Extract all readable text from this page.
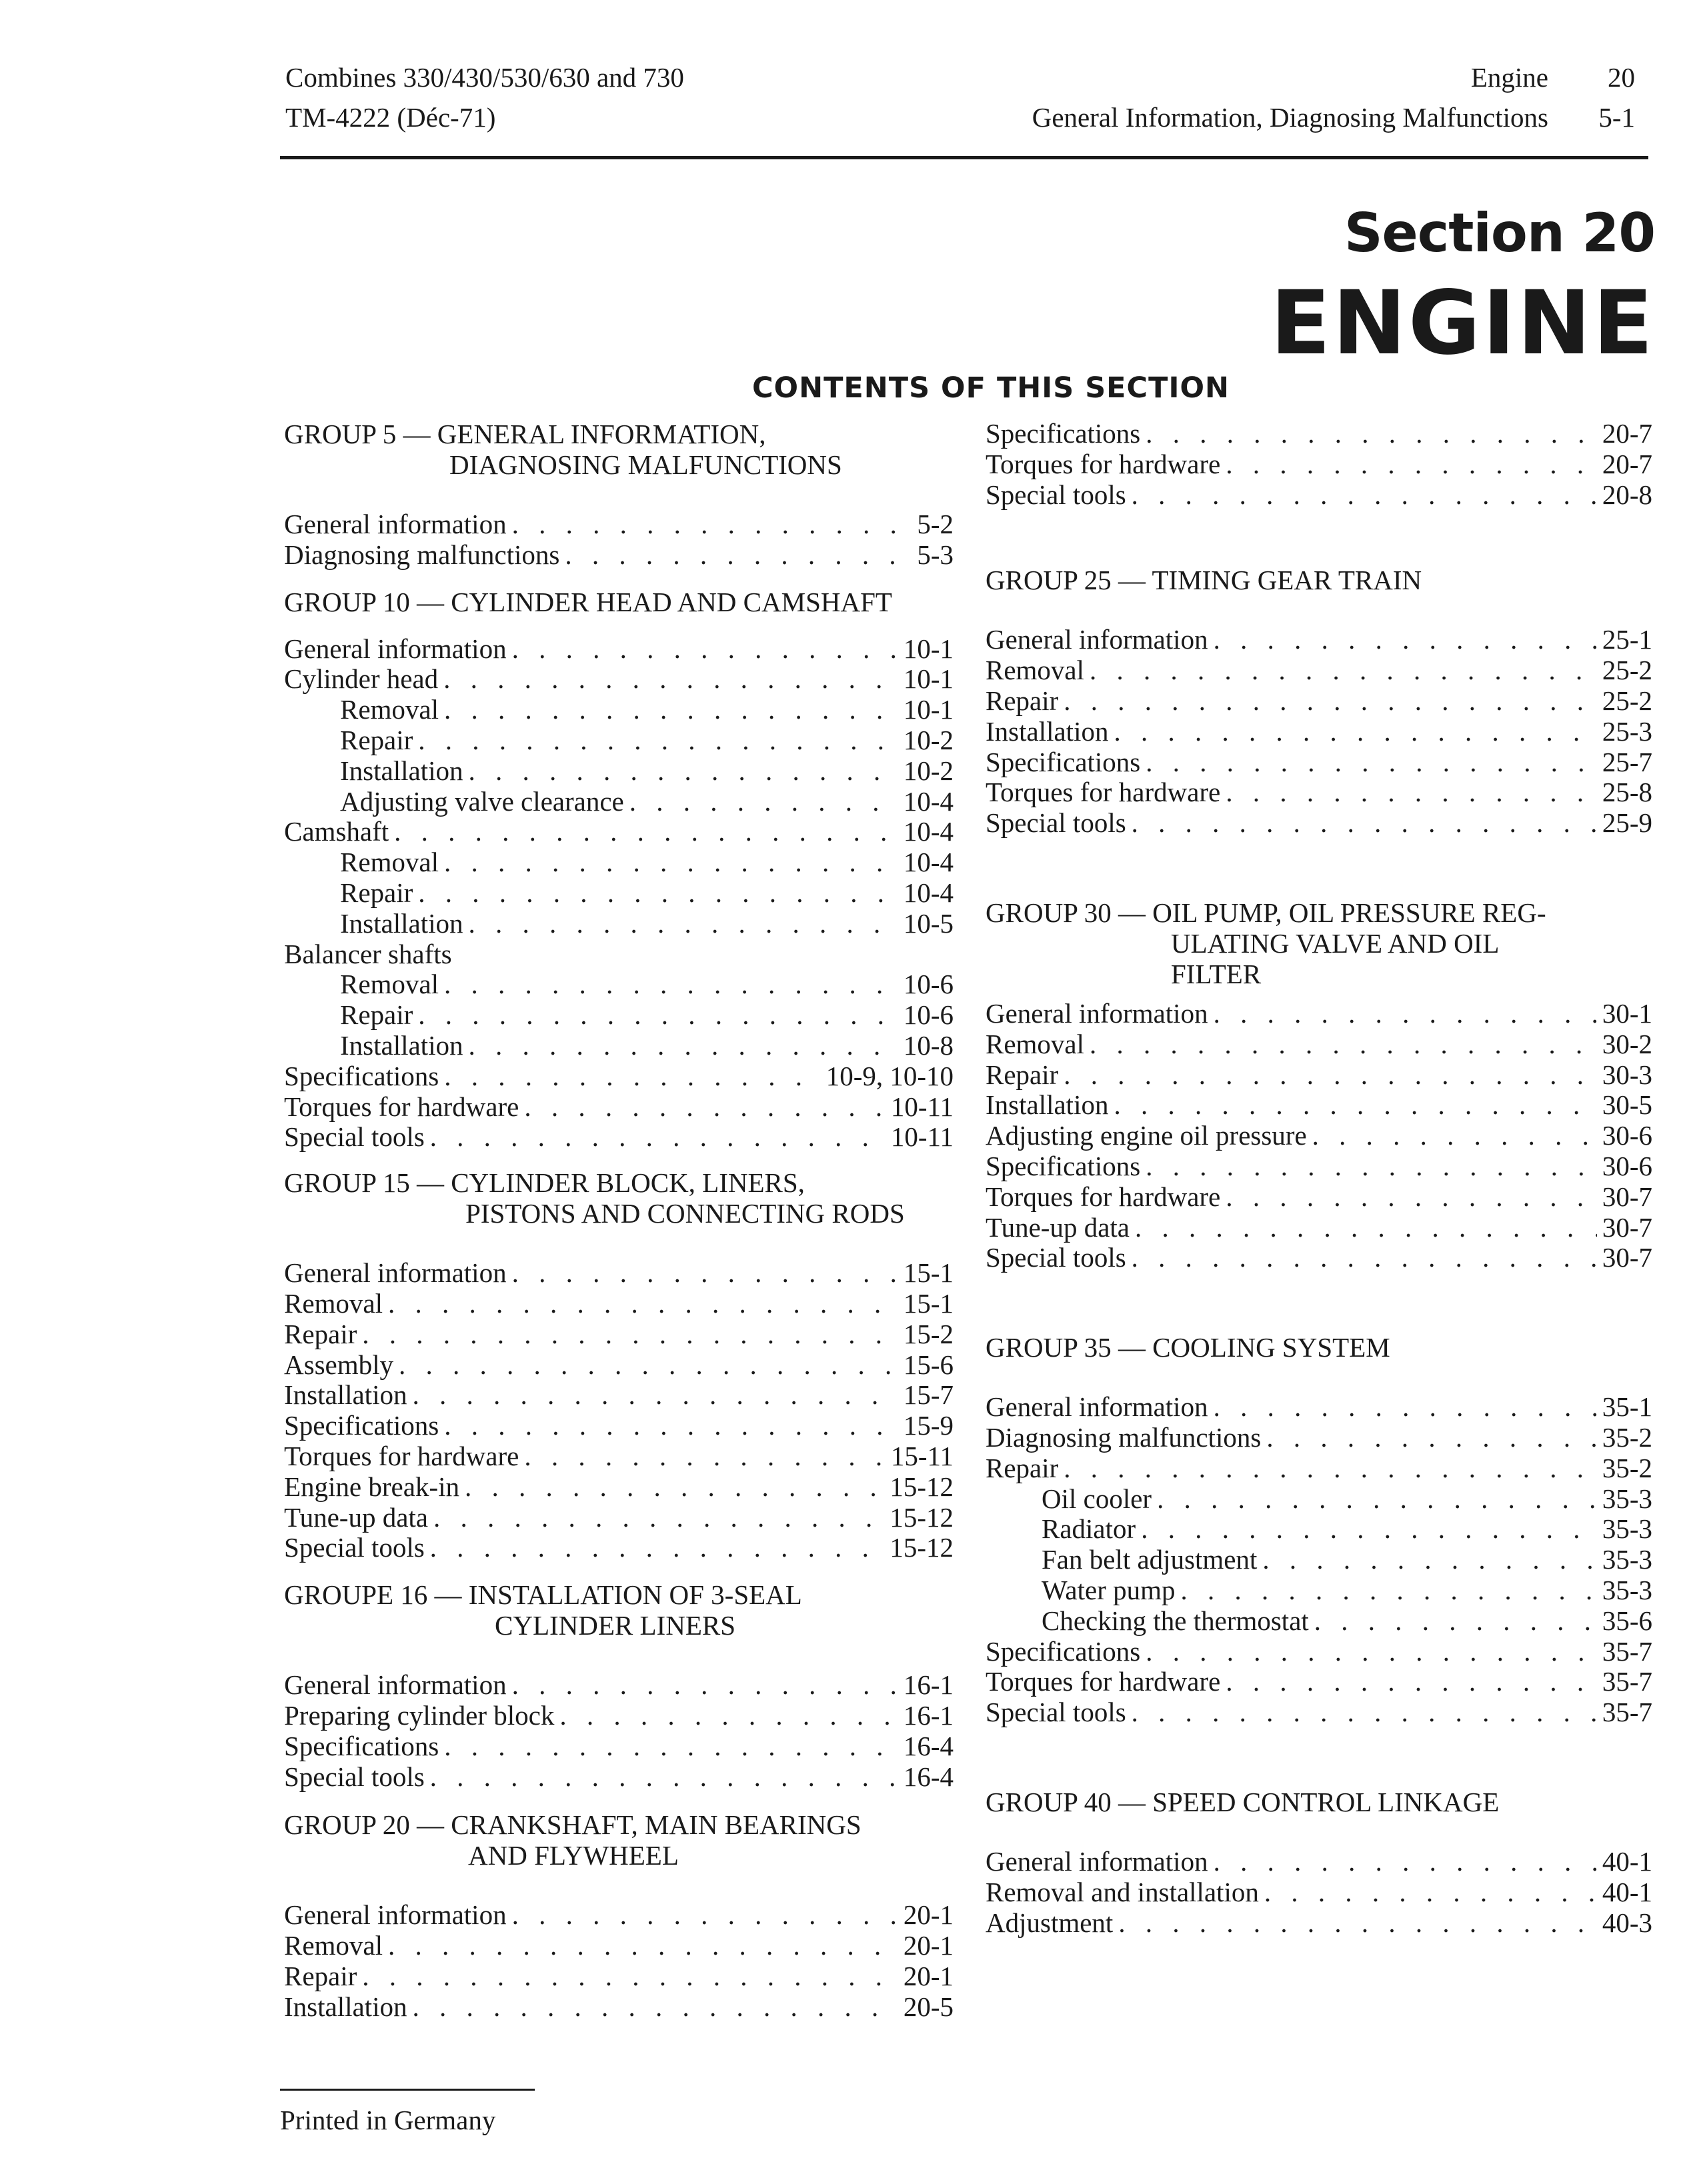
Combines 330/430/530/630 and 730
TM-4222 (Déc-71)
Engine	20
General Information, Diagnosing Malfunctions	5-1
Section 20
ENGINE
CONTENTS OF THIS SECTION
GROUP 5 — GENERAL INFORMATION,
DIAGNOSING MALFUNCTIONS
General information . . .	5-2
Diagnosing malfunctions . . .	5-3
GROUP 10 — CYLINDER HEAD AND CAMSHAFT
General information . . .	10-1
Cylinder head . . .	10-1
Removal . . .	10-1
Repair . . .	10-2
Installation . . .	10-2
Adjusting valve clearance . . .	10-4
Camshaft . . .	10-4
Removal . . .	10-4
Repair . . .	10-4
Installation . . .	10-5
Balancer shafts
Removal . . .	10-6
Repair . . .	10-6
Installation . . .	10-8
Specifications . . .	10-9, 10-10
Torques for hardware . . .	10-11
Special tools . . .	10-11
GROUP 15 — CYLINDER BLOCK, LINERS,
PISTONS AND CONNECTING RODS
General information . . .	15-1
Removal . . .	15-1
Repair . . .	15-2
Assembly . . .	15-6
Installation . . .	15-7
Specifications . . .	15-9
Torques for hardware . . .	15-11
Engine break-in . . .	15-12
Tune-up data . . .	15-12
Special tools . . .	15-12
GROUPE 16 — INSTALLATION OF 3-SEAL
CYLINDER LINERS
General information . . .	16-1
Preparing cylinder block . . .	16-1
Specifications . . .	16-4
Special tools . . .	16-4
GROUP 20 — CRANKSHAFT, MAIN BEARINGS
AND FLYWHEEL
General information . . .	20-1
Removal . . .	20-1
Repair . . .	20-1
Installation . . .	20-5
Specifications . . .	20-7
Torques for hardware . . .	20-7
Special tools . . .	20-8
GROUP 25 — TIMING GEAR TRAIN
General information . . .	25-1
Removal . . .	25-2
Repair . . .	25-2
Installation . . .	25-3
Specifications . . .	25-7
Torques for hardware . . .	25-8
Special tools . . .	25-9
GROUP 30 — OIL PUMP, OIL PRESSURE REG-
ULATING VALVE AND OIL
FILTER
General information . . .	30-1
Removal . . .	30-2
Repair . . .	30-3
Installation . . .	30-5
Adjusting engine oil pressure . . .	30-6
Specifications . . .	30-6
Torques for hardware . . .	30-7
Tune-up data . . .	30-7
Special tools . . .	30-7
GROUP 35 — COOLING SYSTEM
General information . . .	35-1
Diagnosing malfunctions . . .	35-2
Repair . . .	35-2
Oil cooler . . .	35-3
Radiator . . .	35-3
Fan belt adjustment . . .	35-3
Water pump . . .	35-3
Checking the thermostat . . .	35-6
Specifications . . .	35-7
Torques for hardware . . .	35-7
Special tools . . .	35-7
GROUP 40 — SPEED CONTROL LINKAGE
General information . . .	40-1
Removal and installation . . .	40-1
Adjustment . . .	40-3
Printed in Germany
